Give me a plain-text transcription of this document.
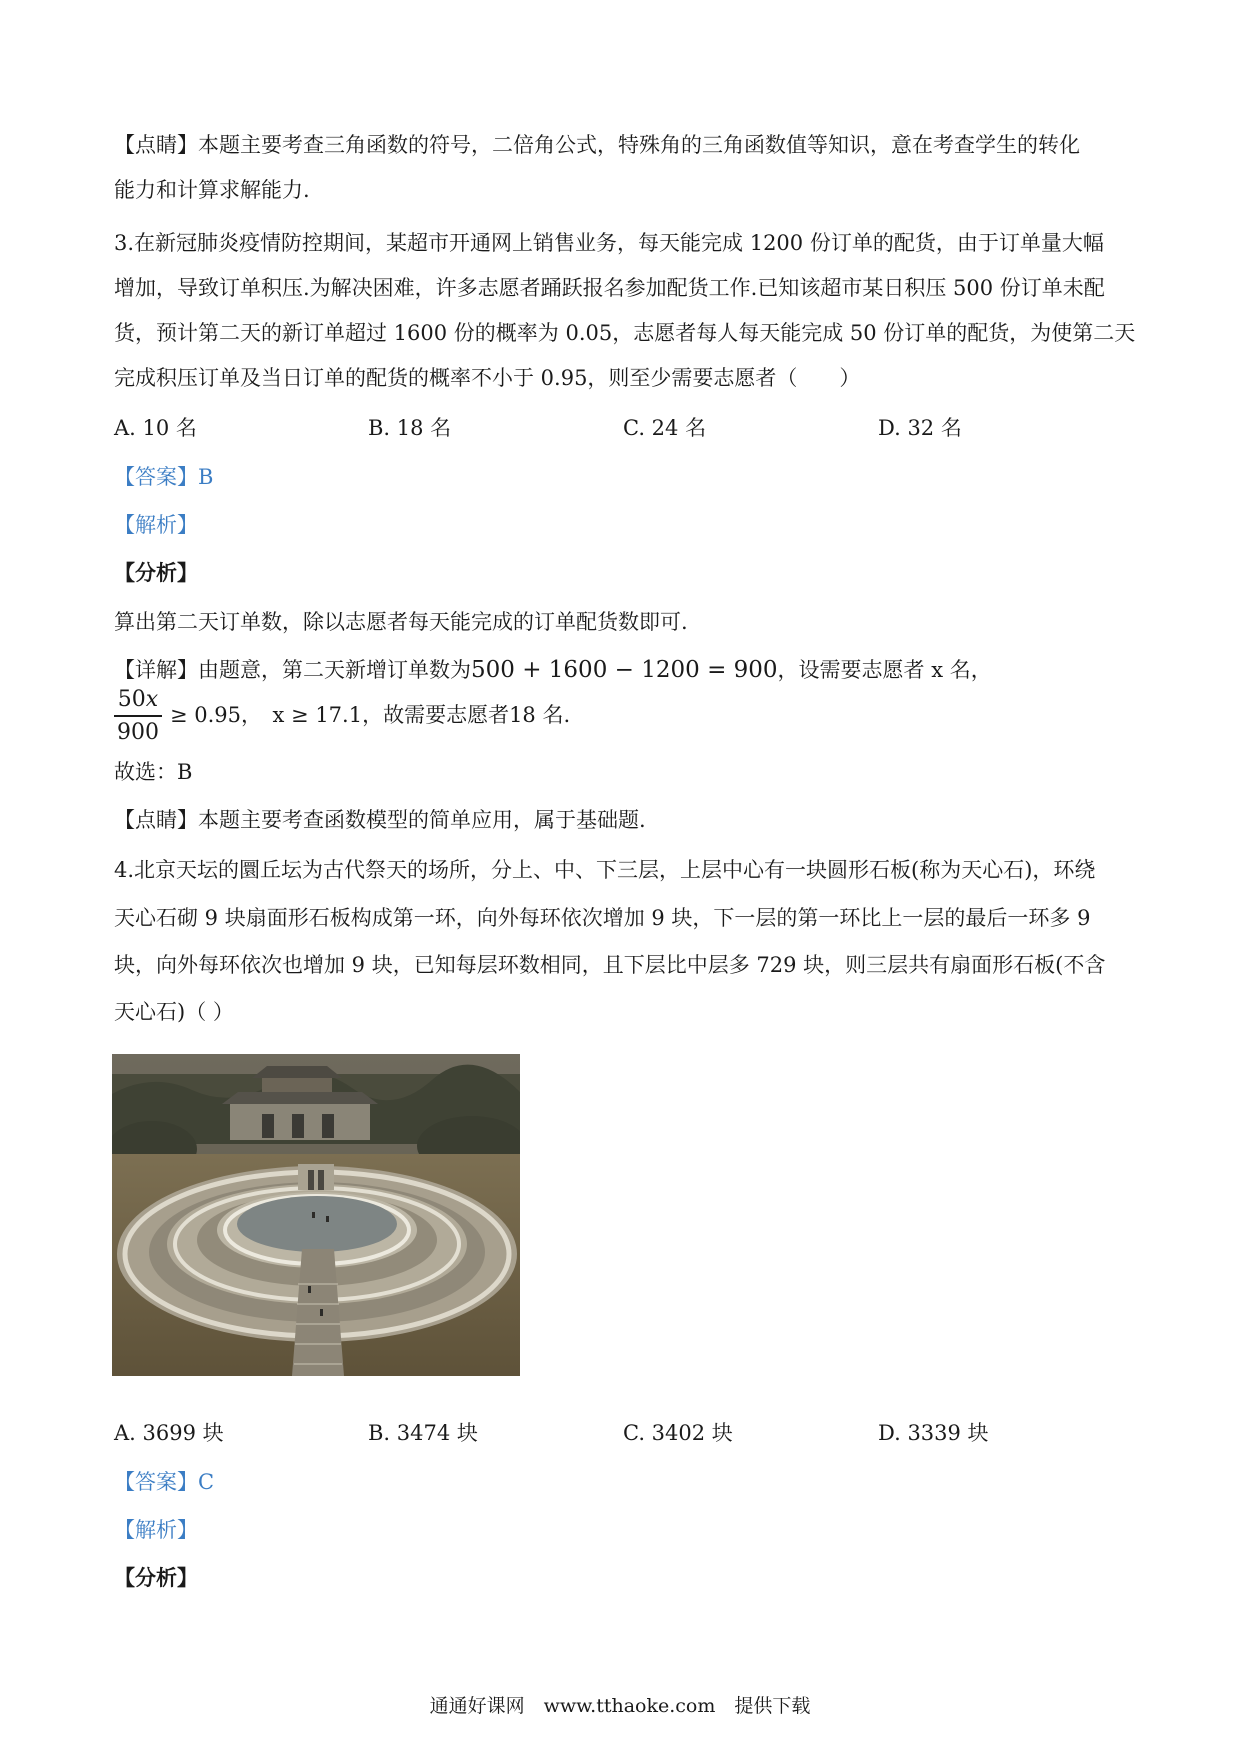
【点睛】本题主要考查三角函数的符号，二倍角公式，特殊角的三角函数值等知识，意在考查学生的转化
能力和计算求解能力.
3.在新冠肺炎疫情防控期间，某超市开通网上销售业务，每天能完成 1200 份订单的配货，由于订单量大幅
增加，导致订单积压.为解决困难，许多志愿者踊跃报名参加配货工作.已知该超市某日积压 500 份订单未配
货，预计第二天的新订单超过 1600 份的概率为 0.05，志愿者每人每天能完成 50 份订单的配货，为使第二天
完成积压订单及当日订单的配货的概率不小于 0.95，则至少需要志愿者（　　）
A. 10 名	B. 18 名	C. 24 名	D. 32 名
【答案】B
【解析】
【分析】
算出第二天订单数，除以志愿者每天能完成的订单配货数即可.
【详解】由题意，第二天新增订单数为500 + 1600 − 1200 = 900，设需要志愿者 x 名，
50x
900
≥ 0.95，　x ≥ 17.1，故需要志愿者18 名.
故选：B
【点睛】本题主要考查函数模型的简单应用，属于基础题.
4.北京天坛的圜丘坛为古代祭天的场所，分上、中、下三层，上层中心有一块圆形石板(称为天心石)，环绕
天心石砌 9 块扇面形石板构成第一环，向外每环依次增加 9 块，下一层的第一环比上一层的最后一环多 9
块，向外每环依次也增加 9 块，已知每层环数相同，且下层比中层多 729 块，则三层共有扇面形石板(不含
天心石)（ ）
A. 3699 块	B. 3474 块	C. 3402 块	D. 3339 块
【答案】C
【解析】
【分析】
通通好课网　www.tthaoke.com　提供下载
